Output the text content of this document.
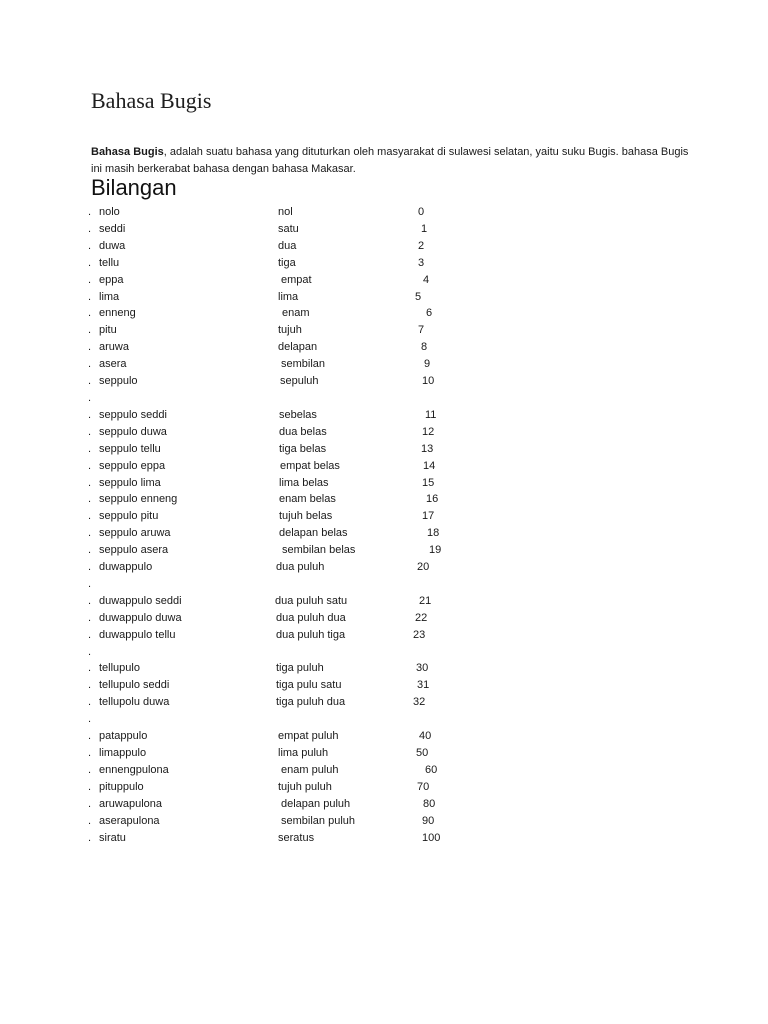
Bahasa Bugis

Bahasa Bugis, adalah suatu bahasa yang dituturkan oleh masyarakat di sulawesi selatan, yaitu suku Bugis. bahasa Bugis ini masih berkerabat bahasa dengan bahasa Makasar.

Bilangan
. nolo	nol	0
. seddi	satu	1
. duwa	dua	2
. tellu	tiga	3
. eppa	empat	4
. lima	lima	5
. enneng	enam	6
. pitu	tujuh	7
. aruwa	delapan	8
. asera	sembilan	9
. seppulo	sepuluh	10
.
. seppulo seddi	sebelas	11
. seppulo duwa	dua belas	12
. seppulo tellu	tiga belas	13
. seppulo eppa	empat belas	14
. seppulo lima	lima belas	15
. seppulo enneng	enam belas	16
. seppulo pitu	tujuh belas	17
. seppulo aruwa	delapan belas	18
. seppulo asera	sembilan belas	19
. duwappulo	dua puluh	20
.
. duwappulo seddi	dua puluh satu	21
. duwappulo duwa	dua puluh dua	22
. duwappulo tellu	dua puluh tiga	23
.
. tellupulo	tiga puluh	30
. tellupulo seddi	tiga pulu satu	31
. tellupolu duwa	tiga puluh dua	32
.
. patappulo	empat puluh	40
. limappulo	lima puluh	50
. ennengpulona	enam puluh	60
. pituppulo	tujuh puluh	70
. aruwapulona	delapan puluh	80
. aserapulona	sembilan puluh	90
. siratu	seratus	100
